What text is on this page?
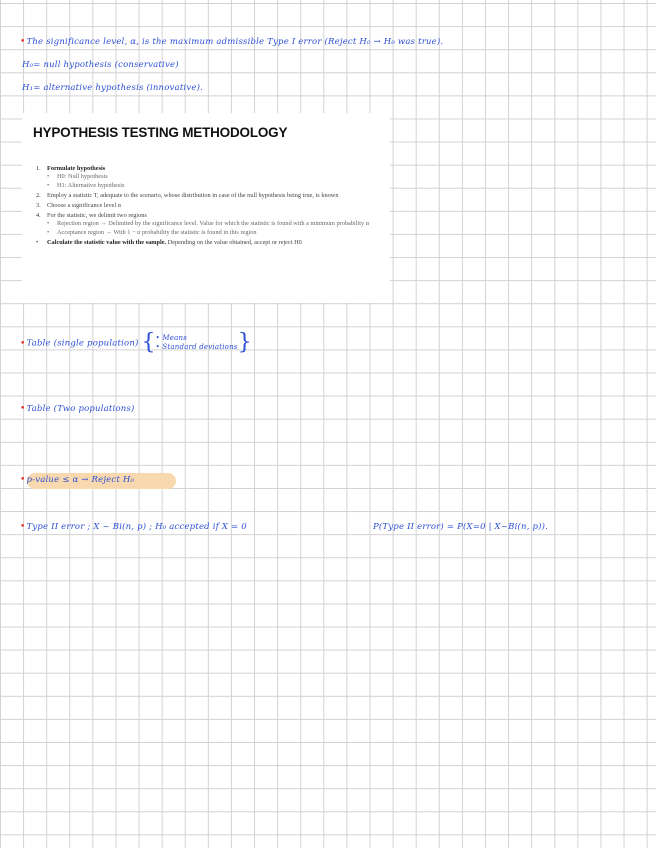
•The significance level, α, is the maximum admissible Type I error (Reject H₀ → H₀ was true).
H₀= null hypothesis (conservative)
H₁= alternative hypothesis (innovative).
HYPOTHESIS TESTING METHODOLOGY
1. Formulate hypothesis
•	H0: Null hypothesis
•	H1: Alternative hypothesis
2. Employ a statistic T, adequate to the scenario, whose distribution in case of the null hypothesis being true, is known
3. Choose a significance level α
4. For the statistic, we delimit two regions
•	Rejection region → Delimited by the significance level. Value for which the statistic is found with a minimum probability α
•	Acceptance region → With 1 − α probability the statistic is found in this region
•	Calculate the statistic value with the sample. Depending on the value obtained, accept or reject H0
•Table (single population) { • Means
• Standard deviations }
•Table (Two populations)
•p-value ≤ α → Reject H₀
•Type II error ; X ~ Bi(n, p) ; H₀ accepted if X = 0	P(Type II error) = P(X=0 | X~Bi(n, p)).
